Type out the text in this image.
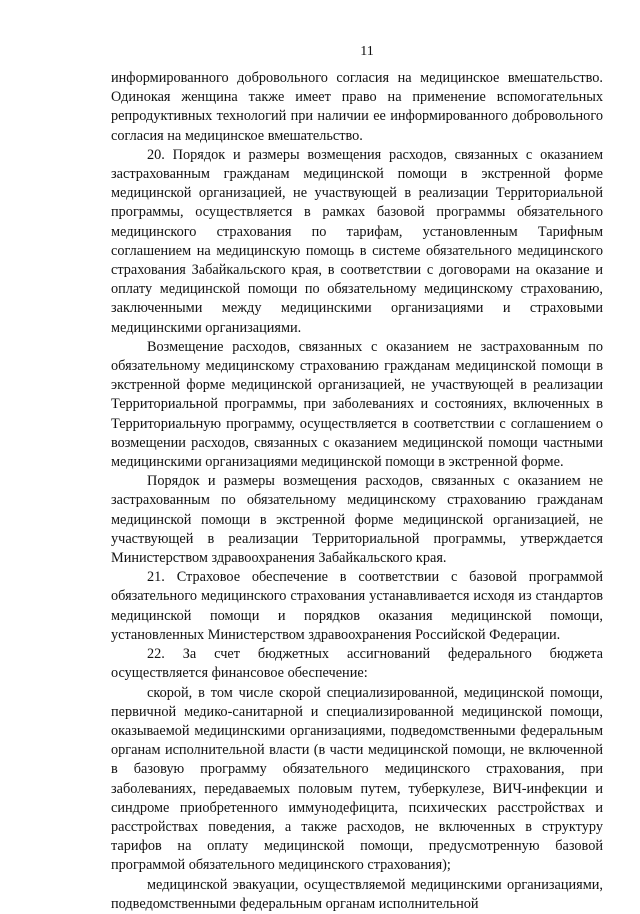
11

информированного добровольного согласия на медицинское вмешательство. Одинокая женщина также имеет право на применение вспомогательных репродуктивных технологий при наличии ее информированного добровольного согласия на медицинское вмешательство.

20. Порядок и размеры возмещения расходов, связанных с оказанием застрахованным гражданам медицинской помощи в экстренной форме медицинской организацией, не участвующей в реализации Территориальной программы, осуществляется в рамках базовой программы обязательного медицинского страхования по тарифам, установленным Тарифным соглашением на медицинскую помощь в системе обязательного медицинского страхования Забайкальского края, в соответствии с договорами на оказание и оплату медицинской помощи по обязательному медицинскому страхованию, заключенными между медицинскими организациями и страховыми медицинскими организациями.

Возмещение расходов, связанных с оказанием не застрахованным по обязательному медицинскому страхованию гражданам медицинской помощи в экстренной форме медицинской организацией, не участвующей в реализации Территориальной программы, при заболеваниях и состояниях, включенных в Территориальную программу, осуществляется в соответствии с соглашением о возмещении расходов, связанных с оказанием медицинской помощи частными медицинскими организациями медицинской помощи в экстренной форме.

Порядок и размеры возмещения расходов, связанных с оказанием не застрахованным по обязательному медицинскому страхованию гражданам медицинской помощи в экстренной форме медицинской организацией, не участвующей в реализации Территориальной программы, утверждается Министерством здравоохранения Забайкальского края.

21. Страховое обеспечение в соответствии с базовой программой обязательного медицинского страхования устанавливается исходя из стандартов медицинской помощи и порядков оказания медицинской помощи, установленных Министерством здравоохранения Российской Федерации.

22. За счет бюджетных ассигнований федерального бюджета осуществляется финансовое обеспечение:

скорой, в том числе скорой специализированной, медицинской помощи, первичной медико-санитарной и специализированной медицинской помощи, оказываемой медицинскими организациями, подведомственными федеральным органам исполнительной власти (в части медицинской помощи, не включенной в базовую программу обязательного медицинского страхования, при заболеваниях, передаваемых половым путем, туберкулезе, ВИЧ-инфекции и синдроме приобретенного иммунодефицита, психических расстройствах и расстройствах поведения, а также расходов, не включенных в структуру тарифов на оплату медицинской помощи, предусмотренную базовой программой обязательного медицинского страхования);

медицинской эвакуации, осуществляемой медицинскими организациями, подведомственными федеральным органам исполнительной
